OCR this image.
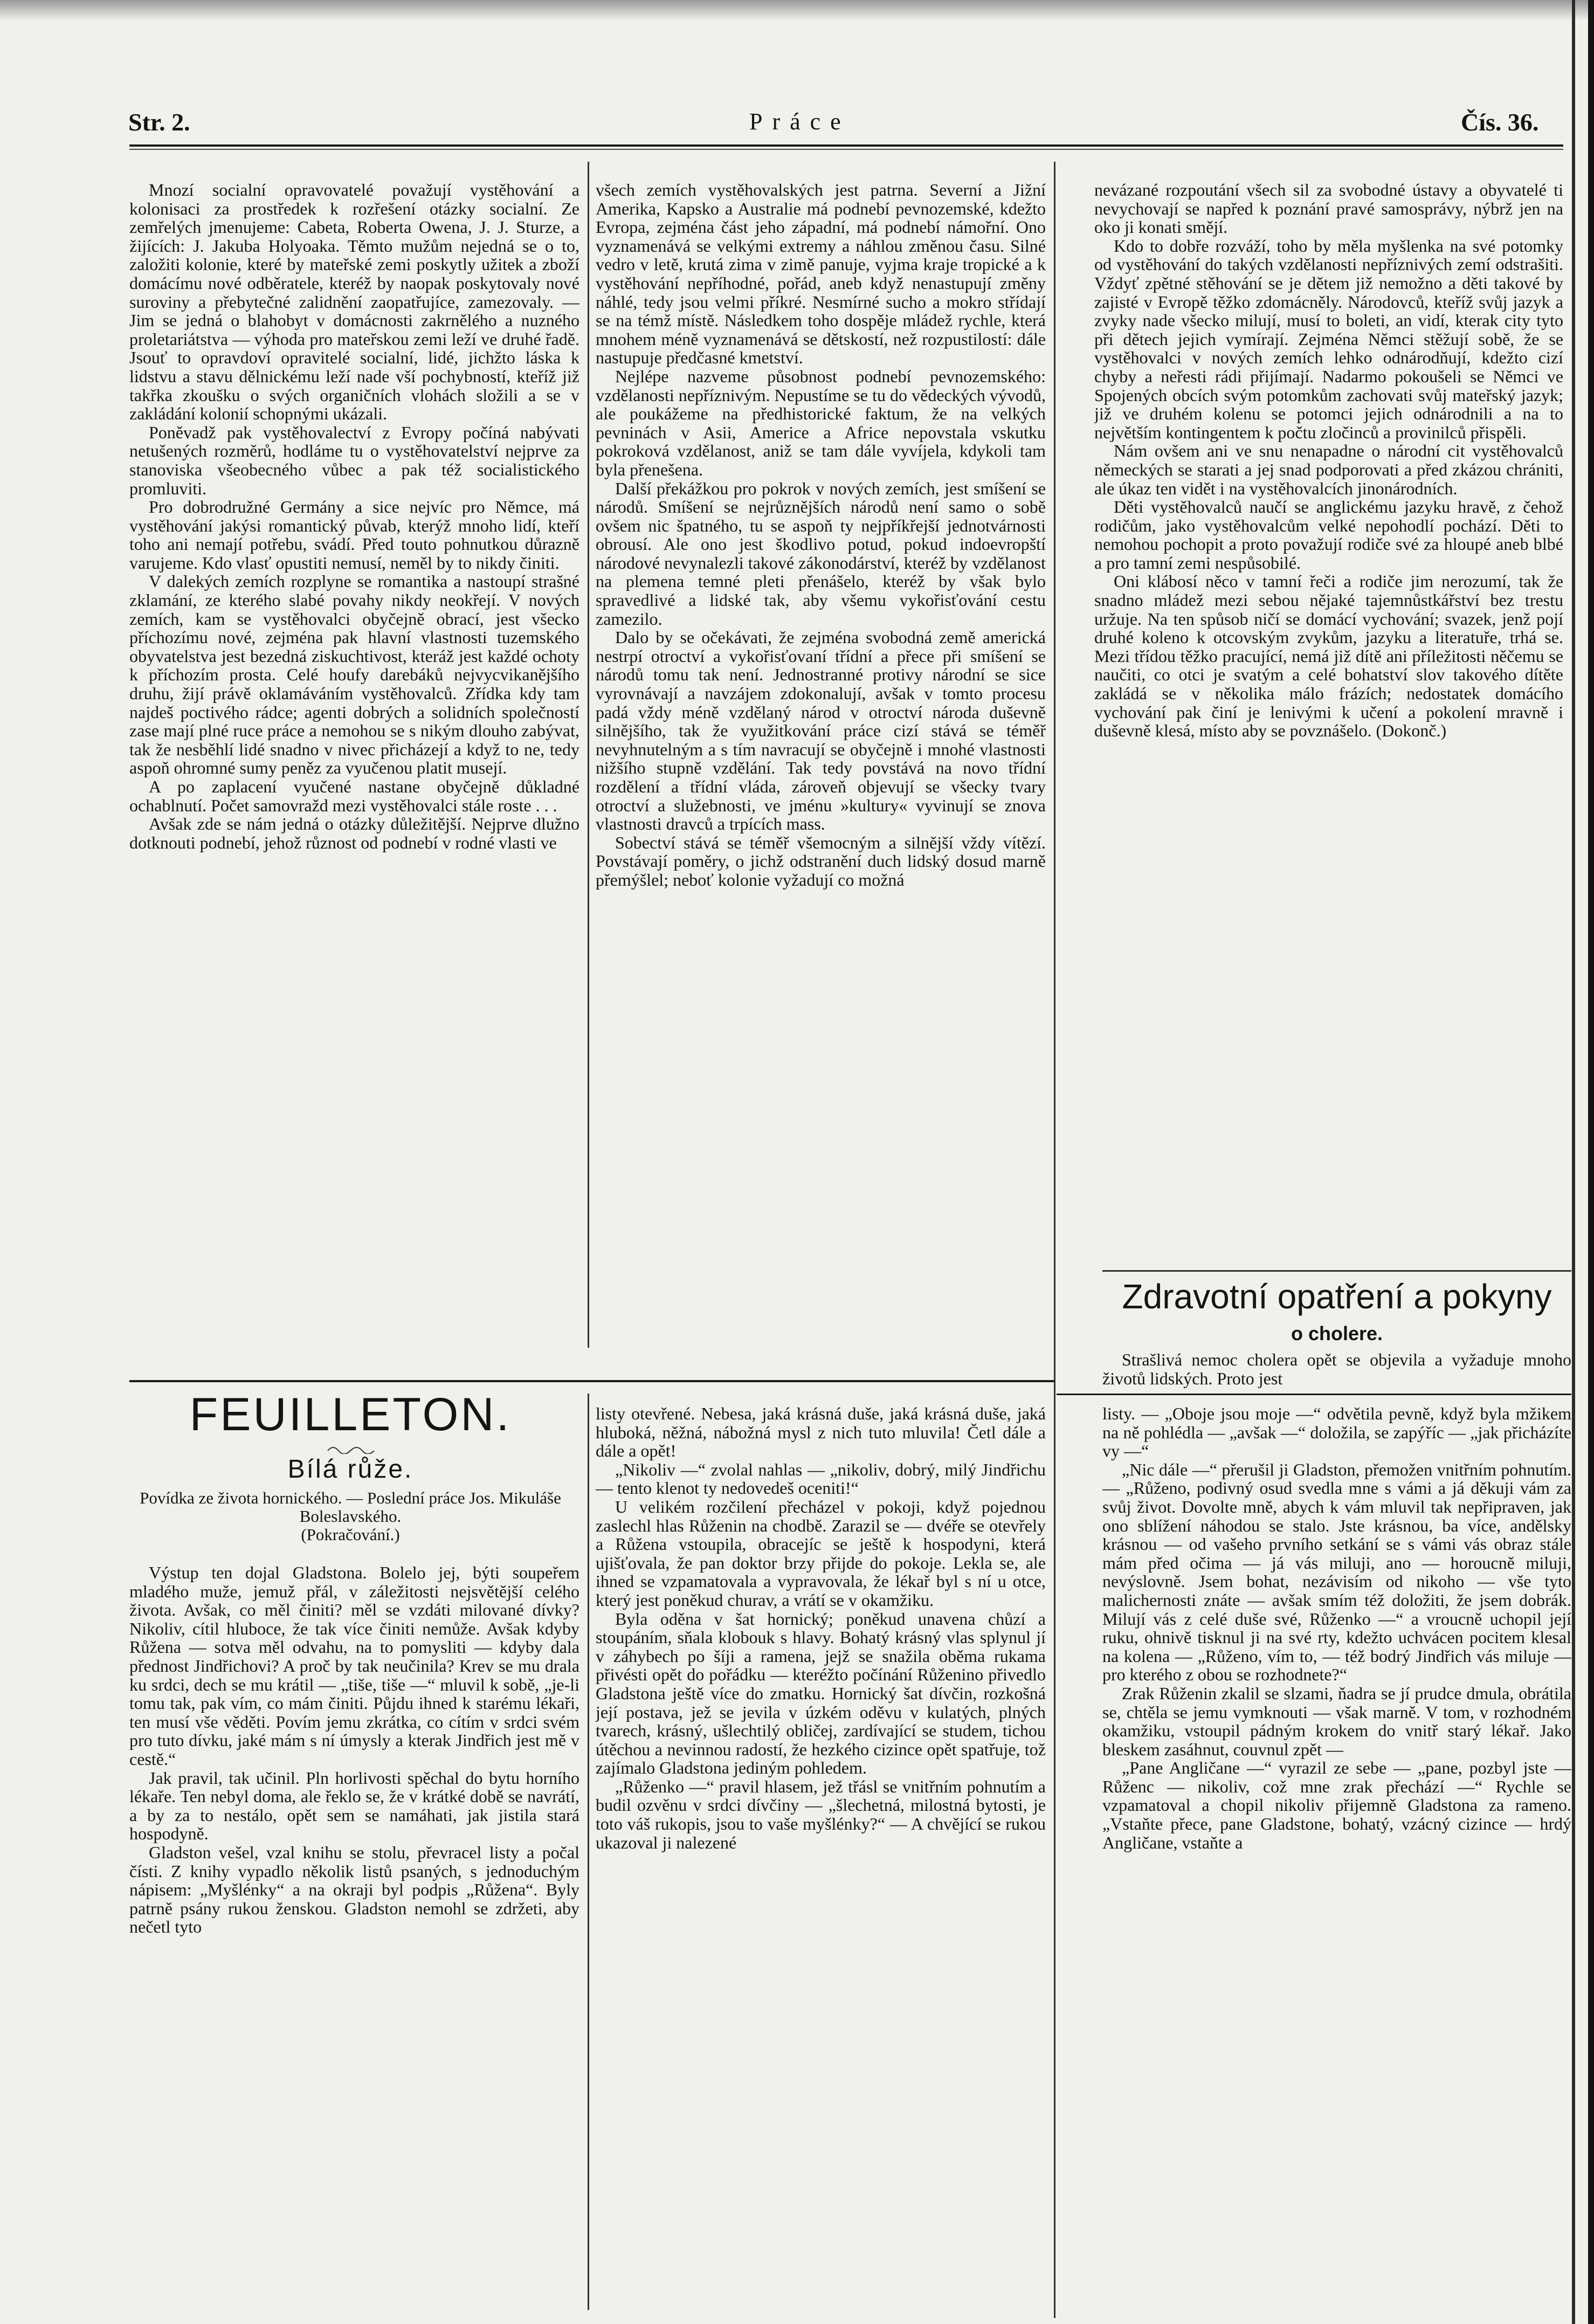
Str. 2.	Práce	Čís. 36.

Mnozí socialní opravovatelé považují vystěhování a kolonisaci za prostředek k rozřešení otázky socialní. Ze zemřelých jmenujeme: Cabeta, Roberta Owena, J. J. Sturze, a žijících: J. Jakuba Holyoaka. Těmto mužům nejedná se o to, založiti kolonie, které by mateřské zemi poskytly užitek a zboží domácímu nové odběratele, kteréž by naopak poskytovaly nové suroviny a přebytečné zalidnění zaopatřujíce, zamezovaly. — Jim se jedná o blahobyt v domácnosti zakrnělého a nuzného proletariátstva — výhoda pro mateřskou zemi leží ve druhé řadě. Jsouť to opravdoví opravitelé socialní, lidé, jichžto láska k lidstvu a stavu dělnickému leží nade vší pochybností, kteříž již takřka zkoušku o svých organičních vlohách složili a se v zakládání kolonií schopnými ukázali.

Poněvadž pak vystěhovalectví z Evropy počíná nabývati netušených rozměrů, hodláme tu o vystěhovatelství nejprve za stanoviska všeobecného vůbec a pak též socialistického promluviti.

Pro dobrodružné Germány a sice nejvíc pro Němce, má vystěhování jakýsi romantický půvab, kterýž mnoho lidí, kteří toho ani nemají potřebu, svádí. Před touto pohnutkou důrazně varujeme. Kdo vlasť opustiti nemusí, neměl by to nikdy činiti.

V dalekých zemích rozplyne se romantika a nastoupí strašné zklamání, ze kterého slabé povahy nikdy neokřejí. V nových zemích, kam se vystěhovalci obyčejně obrací, jest všecko příchozímu nové, zejména pak hlavní vlastnosti tuzemského obyvatelstva jest bezedná ziskuchtivost, kteráž jest každé ochoty k příchozím prosta. Celé houfy darebáků nejvycvikanějšího druhu, žijí právě oklamáváním vystěhovalců. Zřídka kdy tam najdeš poctivého rádce; agenti dobrých a solidních společností zase mají plné ruce práce a nemohou se s nikým dlouho zabývat, tak že nesběhlí lidé snadno v nivec přicházejí a když to ne, tedy aspoň ohromné sumy peněz za vyučenou platit musejí.

A po zaplacení vyučené nastane obyčejně důkladné ochablnutí. Počet samovražd mezi vystěhovalci stále roste . . .

Avšak zde se nám jedná o otázky důležitější. Nejprve dlužno dotknouti podnebí, jehož různost od podnebí v rodné vlasti ve

všech zemích vystěhovalských jest patrna. Severní a Jižní Amerika, Kapsko a Australie má podnebí pevnozemské, kdežto Evropa, zejména část jeho západní, má podnebí námořní. Ono vyznamenává se velkými extremy a náhlou změnou času. Silné vedro v letě, krutá zima v zimě panuje, vyjma kraje tropické a k vystěhování nepříhodné, pořád, aneb když nenastupují změny náhlé, tedy jsou velmi příkré. Nesmírné sucho a mokro střídají se na témž místě. Následkem toho dospěje mládež rychle, která mnohem méně vyznamenává se dětskostí, než rozpustilostí: dále nastupuje předčasné kmetství.

Nejlépe nazveme působnost podnebí pevnozemského: vzdělanosti nepříznivým. Nepustíme se tu do vědeckých vývodů, ale poukážeme na předhistorické faktum, že na velkých pevninách v Asii, Americe a Africe nepovstala vskutku pokroková vzdělanost, aniž se tam dále vyvíjela, kdykoli tam byla přenešena.

Další překážkou pro pokrok v nových zemích, jest smíšení se národů. Smíšení se nejrůznějších národů není samo o sobě ovšem nic špatného, tu se aspoň ty nejpříkřejší jednotvárnosti obrousí. Ale ono jest škodlivo potud, pokud indoevropští národové nevynalezli takové zákonodárství, kteréž by vzdělanost na plemena temné pleti přenášelo, kteréž by však bylo spravedlivé a lidské tak, aby všemu vykořisťování cestu zamezilo.

Dalo by se očekávati, že zejména svobodná země americká nestrpí otroctví a vykořisťovaní třídní a přece při smíšení se národů tomu tak není. Jednostranné protivy národní se sice vyrovnávají a navzájem zdokonalují, avšak v tomto procesu padá vždy méně vzdělaný národ v otroctví národa duševně silnějšího, tak že využitkování práce cizí stává se téměř nevyhnutelným a s tím navracují se obyčejně i mnohé vlastnosti nižšího stupně vzdělání. Tak tedy povstává na novo třídní rozdělení a třídní vláda, zároveň objevují se všecky tvary otroctví a služebnosti, ve jménu »kultury« vyvinují se znova vlastnosti dravců a trpících mass.

Sobectví stává se téměř všemocným a silnější vždy vítězí. Povstávají poměry, o jichž odstranění duch lidský dosud marně přemýšlel; neboť kolonie vyžadují co možná

nevázané rozpoutání všech sil za svobodné ústavy a obyvatelé ti nevychovají se napřed k poznání pravé samosprávy, nýbrž jen na oko ji konati smějí.

Kdo to dobře rozváží, toho by měla myšlenka na své potomky od vystěhování do takých vzdělanosti nepříznivých zemí odstrašiti. Vždyť zpětné stěhování se je dětem již nemožno a děti takové by zajisté v Evropě těžko zdomácněly. Národovců, kteříž svůj jazyk a zvyky nade všecko milují, musí to boleti, an vidí, kterak city tyto při dětech jejich vymírají. Zejména Němci stěžují sobě, že se vystěhovalci v nových zemích lehko odnárodňují, kdežto cizí chyby a neřesti rádi přijímají. Nadarmo pokoušeli se Němci ve Spojených obcích svým potomkům zachovati svůj mateřský jazyk; již ve druhém kolenu se potomci jejich odnárodnili a na to největším kontingentem k počtu zločinců a provinilců přispěli.

Nám ovšem ani ve snu nenapadne o národní cit vystěhovalců německých se starati a jej snad podporovati a před zkázou chrániti, ale úkaz ten vidět i na vystěhovalcích jinonárodních.

Děti vystěhovalců naučí se anglickému jazyku hravě, z čehož rodičům, jako vystěhovalcům velké nepohodlí pochází. Děti to nemohou pochopit a proto považují rodiče své za hloupé aneb blbé a pro tamní zemi nespůsobilé.

Oni klábosí něco v tamní řeči a rodiče jim nerozumí, tak že snadno mládež mezi sebou nějaké tajemnůstkářství bez trestu uržuje. Na ten spůsob ničí se domácí vychování; svazek, jenž pojí druhé koleno k otcovským zvykům, jazyku a literatuře, trhá se. Mezi třídou těžko pracující, nemá již dítě ani příležitosti něčemu se naučiti, co otci je svatým a celé bohatství slov takového dítěte zakládá se v několika málo frázích; nedostatek domácího vychování pak činí je lenivými k učení a pokolení mravně i duševně klesá, místo aby se povznášelo. (Dokonč.)

Zdravotní opatření a pokyny
o cholere.

Strašlivá nemoc cholera opět se objevila a vyžaduje mnoho životů lidských. Proto jest

FEUILLETON.
Bílá růže.
Povídka ze života hornického. — Poslední práce Jos. Mikuláše Boleslavského.
(Pokračování.)

Výstup ten dojal Gladstona. Bolelo jej, býti soupeřem mladého muže, jemuž přál, v záležitosti nejsvětější celého života. Avšak, co měl činiti? měl se vzdáti milované dívky? Nikoliv, cítil hluboce, že tak více činiti nemůže. Avšak kdyby Růžena — sotva měl odvahu, na to pomysliti — kdyby dala přednost Jindřichovi? A proč by tak neučinila? Krev se mu drala ku srdci, dech se mu krátil — „tiše, tiše —“ mluvil k sobě, „je-li tomu tak, pak vím, co mám činiti. Půjdu ihned k starému lékaři, ten musí vše věděti. Povím jemu zkrátka, co cítím v srdci svém pro tuto dívku, jaké mám s ní úmysly a kterak Jindřich jest mě v cestě.“

Jak pravil, tak učinil. Pln horlivosti spěchal do bytu horního lékaře. Ten nebyl doma, ale řeklo se, že v krátké době se navrátí, a by za to nestálo, opět sem se namáhati, jak jistila stará hospodyně.

Gladston vešel, vzal knihu se stolu, převracel listy a počal čísti. Z knihy vypadlo několik listů psaných, s jednoduchým nápisem: „Myšlénky“ a na okraji byl podpis „Růžena“. Byly patrně psány rukou ženskou. Gladston nemohl se zdržeti, aby nečetl tyto

listy otevřené. Nebesa, jaká krásná duše, jaká krásná duše, jaká hluboká, něžná, nábožná mysl z nich tuto mluvila! Četl dále a dále a opět!

„Nikoliv —“ zvolal nahlas — „nikoliv, dobrý, milý Jindřichu — tento klenot ty nedovedeš oceniti!“

U velikém rozčilení přecházel v pokoji, když pojednou zaslechl hlas Růženin na chodbě. Zarazil se — dvéře se otevřely a Růžena vstoupila, obracejíc se ještě k hospodyni, která ujišťovala, že pan doktor brzy přijde do pokoje. Lekla se, ale ihned se vzpamatovala a vypravovala, že lékař byl s ní u otce, který jest poněkud churav, a vrátí se v okamžiku.

Byla oděna v šat hornický; poněkud unavena chůzí a stoupáním, sňala klobouk s hlavy. Bohatý krásný vlas splynul jí v záhybech po šíji a ramena, jejž se snažila oběma rukama přivésti opět do pořádku — kteréžto počínání Růženino přivedlo Gladstona ještě více do zmatku. Hornický šat dívčin, rozkošná její postava, jež se jevila v úzkém oděvu v kulatých, plných tvarech, krásný, ušlechtilý obličej, zardívající se studem, tichou útěchou a nevinnou radostí, že hezkého cizince opět spatřuje, tož zajímalo Gladstona jediným pohledem.

„Růženko —“ pravil hlasem, jež třásl se vnitřním pohnutím a budil ozvěnu v srdci dívčiny — „šlechetná, milostná bytosti, je toto váš rukopis, jsou to vaše myšlénky?“ — A chvějící se rukou ukazoval ji nalezené

listy. — „Oboje jsou moje —“ odvětila pevně, když byla mžikem na ně pohlédla — „avšak —“ doložila, se zapýříc — „jak přicházíte vy —“

„Nic dále —“ přerušil ji Gladston, přemožen vnitřním pohnutím. — „Růženo, podivný osud svedla mne s vámi a já děkuji vám za svůj život. Dovolte mně, abych k vám mluvil tak nepřipraven, jak ono sblížení náhodou se stalo. Jste krásnou, ba více, andělsky krásnou — od vašeho prvního setkání se s vámi vás obraz stále mám před očima — já vás miluji, ano — horoucně miluji, nevýslovně. Jsem bohat, nezávisím od nikoho — vše tyto malichernosti znáte — avšak smím též doložiti, že jsem dobrák. Milují vás z celé duše své, Růženko —“ a vroucně uchopil její ruku, ohnivě tisknul ji na své rty, kdežto uchvácen pocitem klesal na kolena — „Růženo, vím to, — též bodrý Jindřich vás miluje — pro kterého z obou se rozhodnete?“

Zrak Růženin zkalil se slzami, ňadra se jí prudce dmula, obrátila se, chtěla se jemu vymknouti — však marně. V tom, v rozhodném okamžiku, vstoupil pádným krokem do vnitř starý lékař. Jako bleskem zasáhnut, couvnul zpět —

„Pane Angličane —“ vyrazil ze sebe — „pane, pozbyl jste — Růženc — nikoliv, což mne zrak přechází —“ Rychle se vzpamatoval a chopil nikoliv přijemně Gladstona za ramenо. „Vstaňte přece, pane Gladstone, bohatý, vzácný cizince — hrdý Angličane, vstaňte a
